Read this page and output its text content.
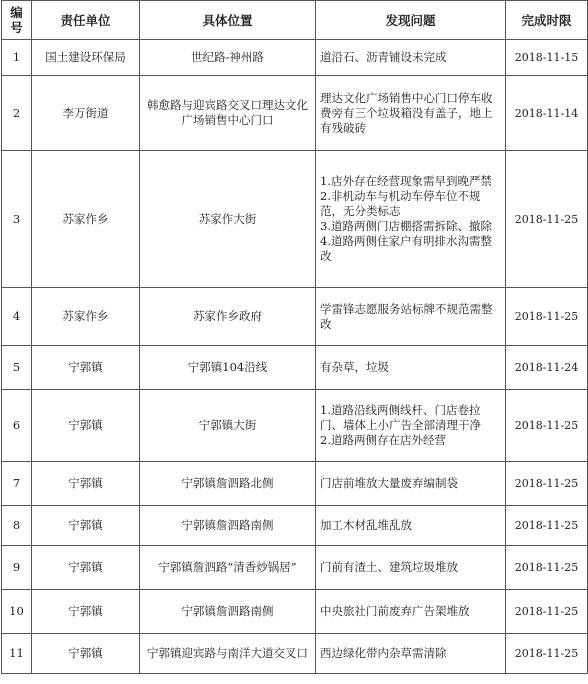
编号	责任单位	具体位置	发现问题	完成时限
1	国土建设环保局	世纪路-神州路	道沿石、沥青铺设未完成	2018-11-15
2	李万街道	韩愈路与迎宾路交叉口理达文化广场销售中心门口	理达文化广场销售中心门口停车收费旁有三个垃圾箱没有盖子，地上有残破砖	2018-11-14
3	苏家作乡	苏家作大街	1.店外存在经营现象需早到晚严禁
2.非机动车与机动车停车位不规范，无分类标志
3.道路两侧门店棚搭需拆除、撤除
4.道路两侧住家户有明排水沟需整改	2018-11-25
4	苏家作乡	苏家作乡政府	学雷锋志愿服务站标牌不规范需整改	2018-11-25
5	宁郭镇	宁郭镇104沿线	有杂草，垃圾	2018-11-24
6	宁郭镇	宁郭镇大街	1.道路沿线两侧线杆、门店卷拉门、墙体上小广告全部清理干净
2.道路两侧存在店外经营	2018-11-25
7	宁郭镇	宁郭镇詹泗路北侧	门店前堆放大量废弃编制袋	2018-11-25
8	宁郭镇	宁郭镇詹泗路南侧	加工木材乱堆乱放	2018-11-25
9	宁郭镇	宁郭镇詹泗路“清香炒锅居”	门前有渣土、建筑垃圾堆放	2018-11-25
10	宁郭镇	宁郭镇詹泗路南侧	中央旅社门前废弃广告架堆放	2018-11-25
11	宁郭镇	宁郭镇迎宾路与南洋大道交叉口	西边绿化带内杂草需清除	2018-11-25
